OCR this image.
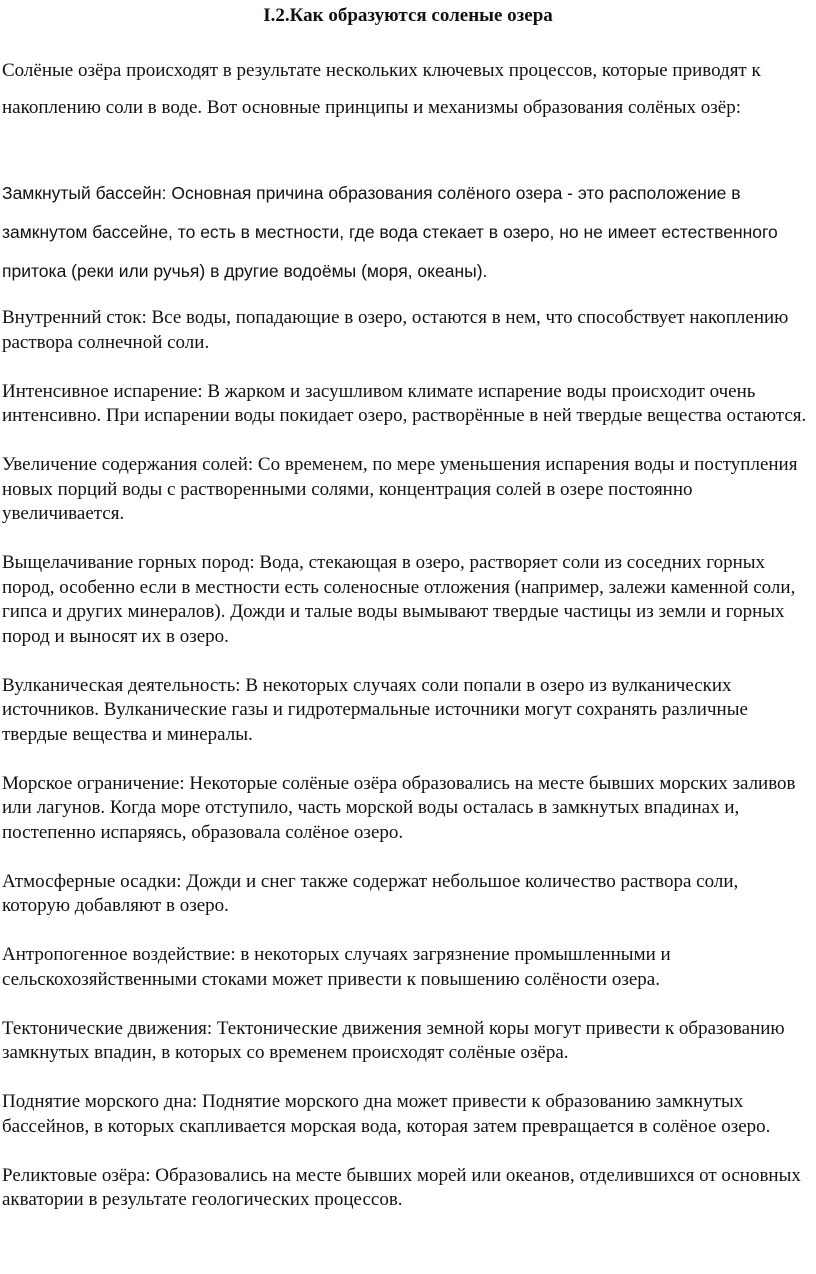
I.2.Как образуются соленые озера

Солёные озёра происходят в результате нескольких ключевых процессов, которые приводят к накоплению соли в воде. Вот основные принципы и механизмы образования солёных озёр:

Замкнутый бассейн: Основная причина образования солёного озера - это расположение в замкнутом бассейне, то есть в местности, где вода стекает в озеро, но не имеет естественного притока (реки или ручья) в другие водоёмы (моря, океаны).

Внутренний сток: Все воды, попадающие в озеро, остаются в нем, что способствует накоплению раствора солнечной соли.

Интенсивное испарение: В жарком и засушливом климате испарение воды происходит очень интенсивно. При испарении воды покидает озеро, растворённые в ней твердые вещества остаются.

Увеличение содержания солей: Со временем, по мере уменьшения испарения воды и поступления новых порций воды с растворенными солями, концентрация солей в озере постоянно увеличивается.

Выщелачивание горных пород: Вода, стекающая в озеро, растворяет соли из соседних горных пород, особенно если в местности есть соленосные отложения (например, залежи каменной соли, гипса и других минералов). Дожди и талые воды вымывают твердые частицы из земли и горных пород и выносят их в озеро.

Вулканическая деятельность: В некоторых случаях соли попали в озеро из вулканических источников. Вулканические газы и гидротермальные источники могут сохранять различные твердые вещества и минералы.

Морское ограничение: Некоторые солёные озёра образовались на месте бывших морских заливов или лагунов. Когда море отступило, часть морской воды осталась в замкнутых впадинах и, постепенно испаряясь, образовала солёное озеро.

Атмосферные осадки: Дожди и снег также содержат небольшое количество раствора соли, которую добавляют в озеро.

Антропогенное воздействие: в некоторых случаях загрязнение промышленными и сельскохозяйственными стоками может привести к повышению солёности озера.

Тектонические движения: Тектонические движения земной коры могут привести к образованию замкнутых впадин, в которых со временем происходят солёные озёра.

Поднятие морского дна: Поднятие морского дна может привести к образованию замкнутых бассейнов, в которых скапливается морская вода, которая затем превращается в солёное озеро.

Реликтовые озёра: Образовались на месте бывших морей или океанов, отделившихся от основных акватории в результате геологических процессов.
